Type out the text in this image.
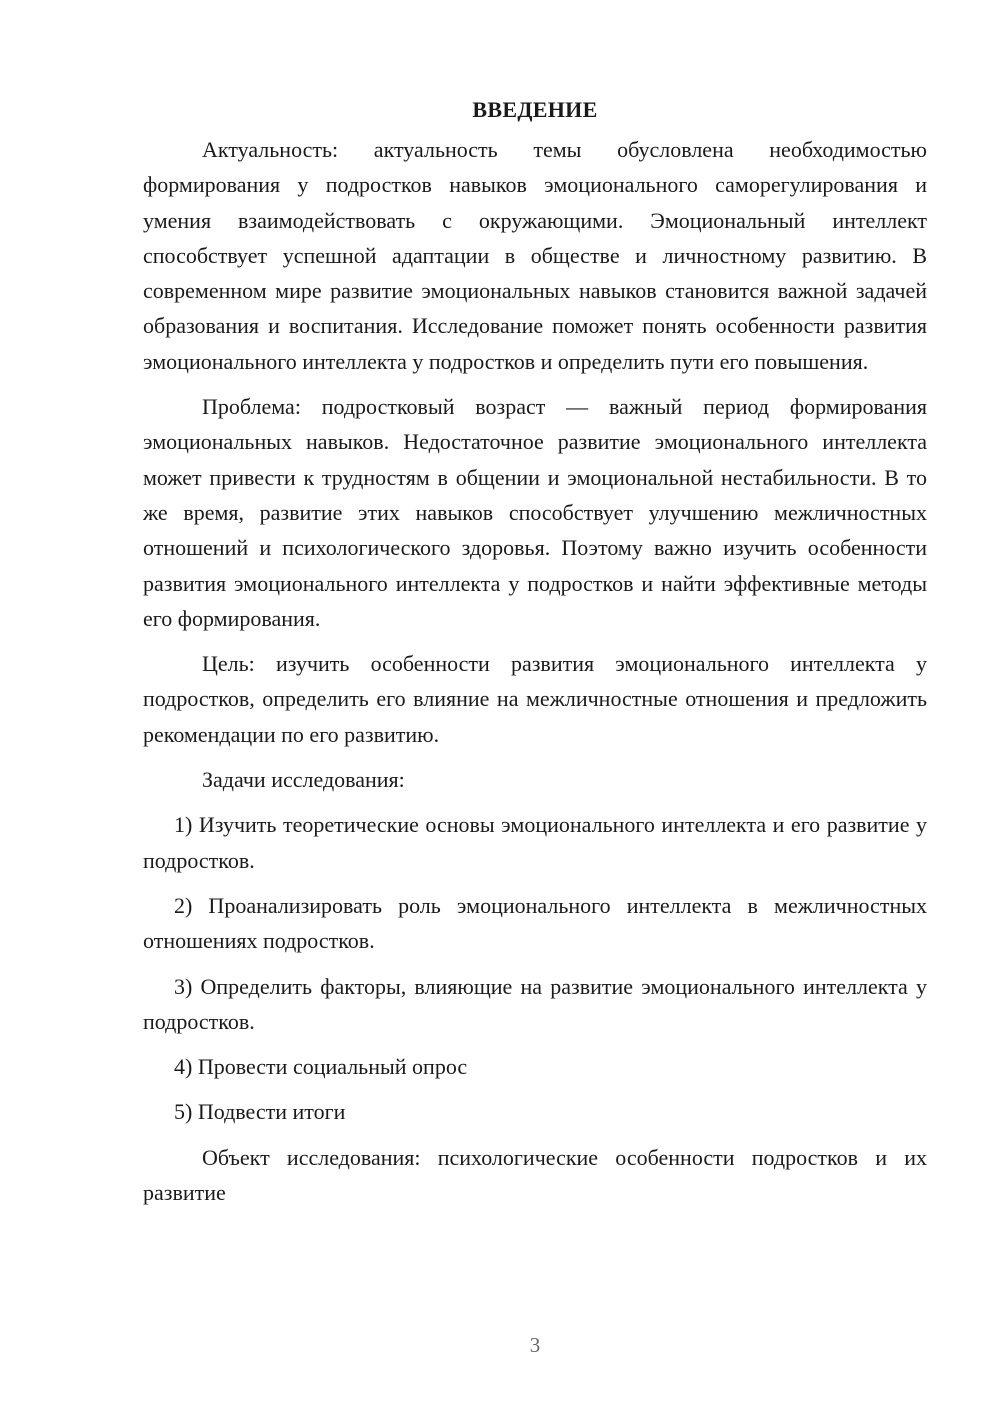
ВВЕДЕНИЕ

Актуальность: актуальность темы обусловлена необходимостью формирования у подростков навыков эмоционального саморегулирования и умения взаимодействовать с окружающими. Эмоциональный интеллект способствует успешной адаптации в обществе и личностному развитию. В современном мире развитие эмоциональных навыков становится важной задачей образования и воспитания. Исследование поможет понять особенности развития эмоционального интеллекта у подростков и определить пути его повышения.

Проблема: подростковый возраст — важный период формирования эмоциональных навыков. Недостаточное развитие эмоционального интеллекта может привести к трудностям в общении и эмоциональной нестабильности. В то же время, развитие этих навыков способствует улучшению межличностных отношений и психологического здоровья. Поэтому важно изучить особенности развития эмоционального интеллекта у подростков и найти эффективные методы его формирования.

Цель: изучить особенности развития эмоционального интеллекта у подростков, определить его влияние на межличностные отношения и предложить рекомендации по его развитию.

Задачи исследования:

1) Изучить теоретические основы эмоционального интеллекта и его развитие у подростков.

2) Проанализировать роль эмоционального интеллекта в межличностных отношениях подростков.

3) Определить факторы, влияющие на развитие эмоционального интеллекта у подростков.

4) Провести социальный опрос

5) Подвести итоги

Объект исследования: психологические особенности подростков и их развитие

3
